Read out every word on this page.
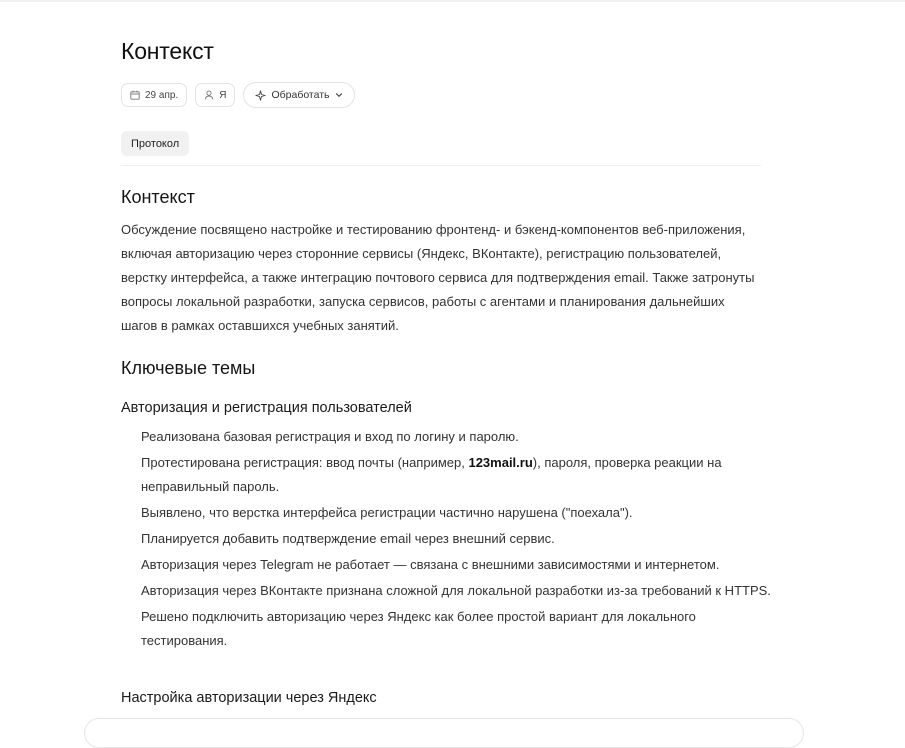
Контекст
29 апр.	Я	Обработать
Протокол
Контекст

Обсуждение посвящено настройке и тестированию фронтенд- и бэкенд-компонентов веб-приложения, включая авторизацию через сторонние сервисы (Яндекс, ВКонтакте), регистрацию пользователей, верстку интерфейса, а также интеграцию почтового сервиса для подтверждения email. Также затронуты вопросы локальной разработки, запуска сервисов, работы с агентами и планирования дальнейших шагов в рамках оставшихся учебных занятий.

Ключевые темы
Авторизация и регистрация пользователей
Реализована базовая регистрация и вход по логину и паролю.
Протестирована регистрация: ввод почты (например, 123mail.ru), пароля, проверка реакции на неправильный пароль.
Выявлено, что верстка интерфейса регистрации частично нарушена ("поехала").
Планируется добавить подтверждение email через внешний сервис.
Авторизация через Telegram не работает — связана с внешними зависимостями и интернетом.
Авторизация через ВКонтакте признана сложной для локальной разработки из-за требований к HTTPS.
Решено подключить авторизацию через Яндекс как более простой вариант для локального тестирования.
Настройка авторизации через Яндекс
